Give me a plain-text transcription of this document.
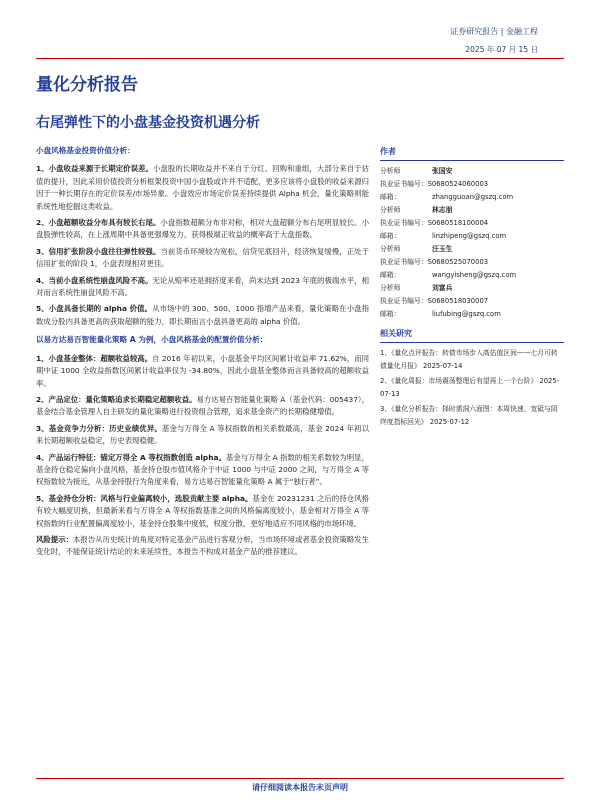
证券研究报告 | 金融工程
2025 年 07 月 15 日
量化分析报告
右尾弹性下的小盘基金投资机遇分析
小盘风格基金投资价值分析：
1、小盘收益来源于长期定价误差。小盘股的长期收益并不来自于分红、回购和重组，大部分来自于估值的提升，因此采用价值投资分析框架投资中国小盘股或许并不适配，更多应该将小盘股的收益来源归因于一种长期存在的定价误差/市场异象。小盘效应市场定价误差持续提供 Alpha 机会，量化策略则能系统性地挖掘这类收益。
2、小盘超额收益分布具有较长右尾。小盘指数超额分布非对称，相对大盘超额分布右尾明显较长。小盘股弹性较高，在上涨周期中具备更强爆发力，获得极端正收益的概率高于大盘指数。
3、信用扩张阶段小盘往往弹性较强。当前货币环境较为宽松，信贷见底回升，经济恢复缓慢，正处于信用扩张的阶段 1，小盘表现相对更佳。
4、当前小盘系统性崩盘风险不高。无论从赔率还是拥挤度来看，尚未达到 2023 年底的极端水平，相对而言系统性崩盘风险不高。
5、小盘具备长期的 alpha 价值。从市场中的 300、500、1000 指增产品来看，量化策略在小盘指数成分股内具备更高的获取超额的能力，即长期而言小盘具备更高的 alpha 价值。
以易方达易百智能量化策略 A 为例，小盘风格基金的配置价值分析：
1、小盘基金整体：超额收益较高。自 2016 年初以来，小盘基金平均区间累计收益率 71.62%，而同期中证 1000 全收益指数区间累计收益率仅为 -34.80%，因此小盘基金整体而言具备较高的超额收益率。
2、产品定位：量化策略追求长期稳定超额收益。易方达易百智能量化策略 A（基金代码：005437），基金结合基金管理人自主研发的量化策略进行投资组合管理，追求基金资产的长期稳健增值。
3、基金竞争力分析：历史业绩优异。基金与万得全 A 等权指数的相关系数最高，基金 2024 年初以来长期超额收益稳定，历史表现稳健。
4、产品运行特征：锚定万得全 A 等权指数创造 alpha。基金与万得全 A 指数的相关系数较为明显，基金持仓稳定偏向小盘风格，基金持仓股市值风格介于中证 1000 与中证 2000 之间，与万得全 A 等权指数较为接近，从基金持股行为角度来看，易方达易百智能量化策略 A 属于“独行者”。
5、基金持仓分析：风格与行业偏离较小，选股贡献主要 alpha。基金在 20231231 之后的持仓风格有较大幅度切换，但最新来看与万得全 A 等权指数基准之间的风格偏离度较小，基金相对万得全 A 等权指数的行业配置偏离度较小，基金持仓股集中度低，权度分散，更好地适应不同风格的市场环境。
风险提示：本报告从历史统计的角度对特定基金产品进行客观分析，当市场环境或者基金投资策略发生变化时，不能保证统计结论的未来延续性，本报告不构成对基金产品的推荐建议。
作者
分析师	张国安
执业证书编号： S0680524060003
邮箱：	zhangguoan@gszq.com
分析师	林志朋
执业证书编号： S0680518100004
邮箱：	linzhipeng@gszq.com
分析师	汪玉生
执业证书编号： S0680525070003
邮箱：	wangyisheng@gszq.com
分析师	刘富兵
执业证书编号： S0680518030007
邮箱：	liufubing@gszq.com
相关研究
1、《量化点评报告：转债市场步入高估值区间——七月可转债量化月报》 2025-07-14
2、《量化周报：市场震荡整理后有望再上一个台阶》 2025-07-13
3、《量化分析报告：择时需洞六面图：本周快速、宽砥与阴终度指标回光》 2025-07-12
请仔细阅读本报告末页声明
